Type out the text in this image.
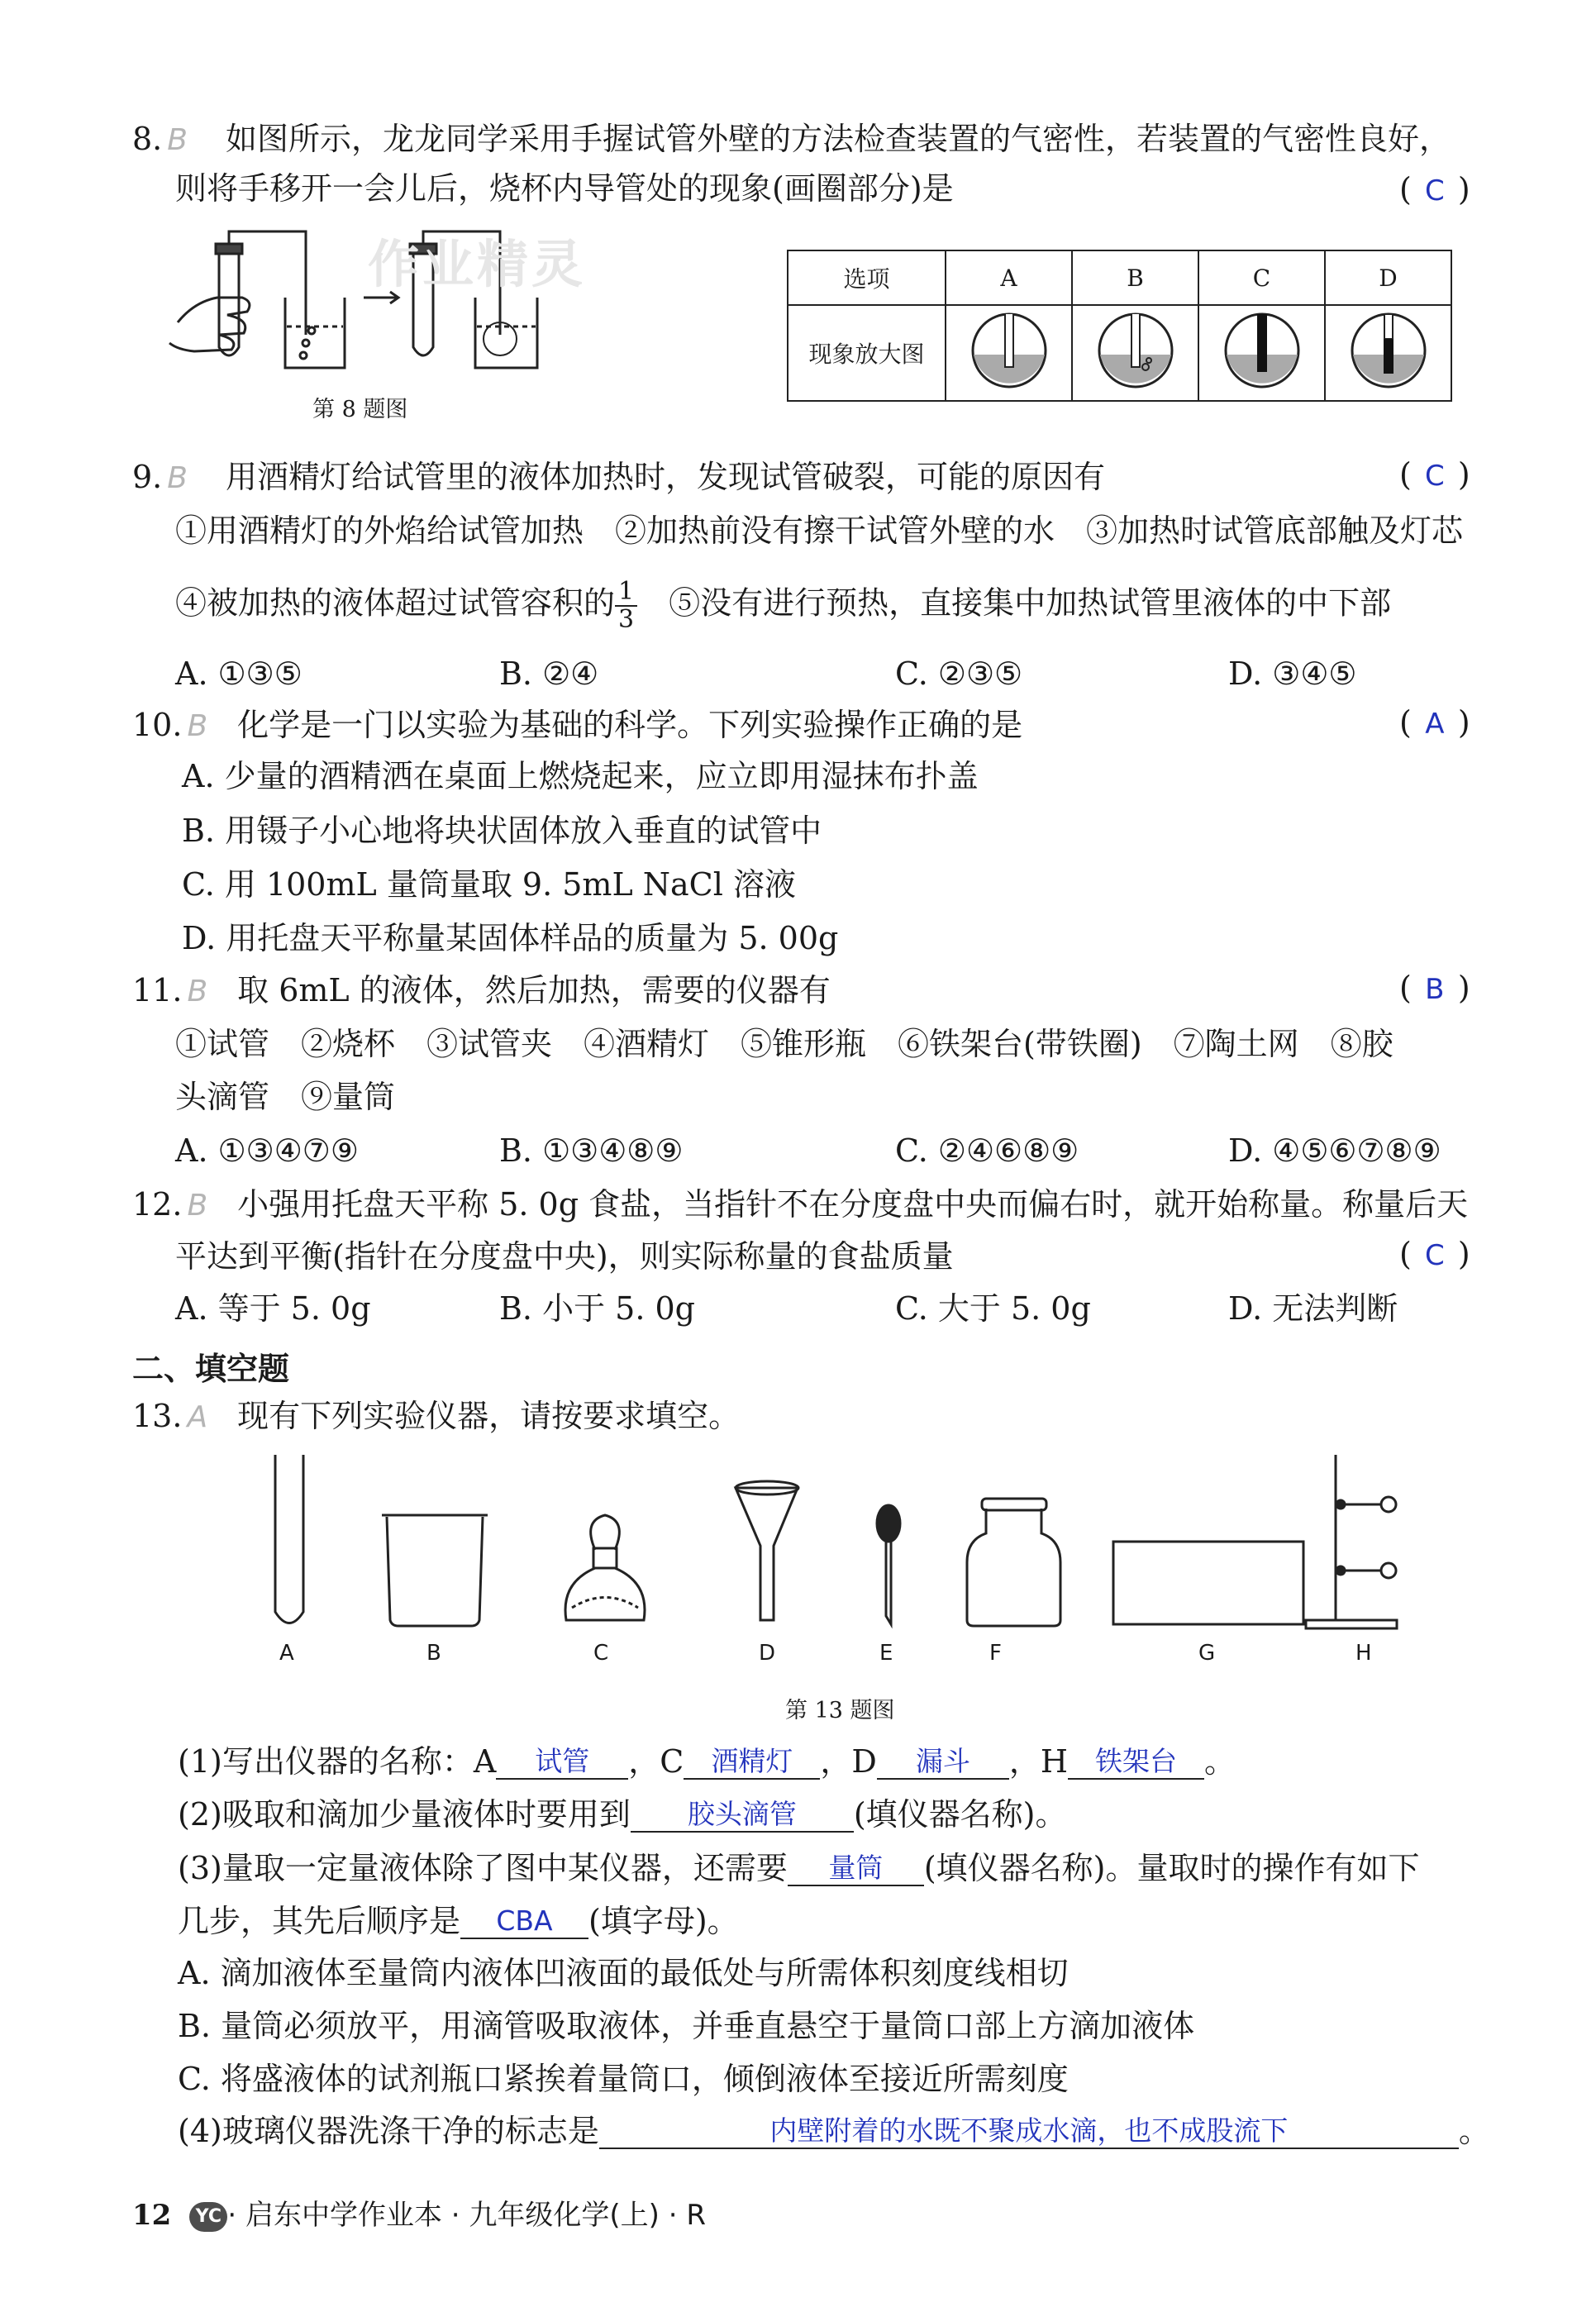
8. B 如图所示，龙龙同学采用手握试管外壁的方法检查装置的气密性，若装置的气密性良好，
则将手移开一会儿后，烧杯内导管处的现象(画圈部分)是	( C )
第 8 题图
作业精灵	选项	A	B	C	D
现象放大图				
9. B 用酒精灯给试管里的液体加热时，发现试管破裂，可能的原因有	( C )
①用酒精灯的外焰给试管加热　②加热前没有擦干试管外壁的水　③加热时试管底部触及灯芯
④被加热的液体超过试管容积的 $\frac{1}{3}$　⑤没有进行预热，直接集中加热试管里液体的中下部
A. ①③⑤	B. ②④	C. ②③⑤	D. ③④⑤
10. B 化学是一门以实验为基础的科学。下列实验操作正确的是	( A )
A. 少量的酒精洒在桌面上燃烧起来，应立即用湿抹布扑盖
B. 用镊子小心地将块状固体放入垂直的试管中
C. 用 100mL 量筒量取 9. 5mL NaCl 溶液
D. 用托盘天平称量某固体样品的质量为 5. 00g
11. B 取 6mL 的液体，然后加热，需要的仪器有	( B )
①试管　②烧杯　③试管夹　④酒精灯　⑤锥形瓶　⑥铁架台(带铁圈)　⑦陶土网　⑧胶
头滴管　⑨量筒
A. ①③④⑦⑨	B. ①③④⑧⑨	C. ②④⑥⑧⑨	D. ④⑤⑥⑦⑧⑨
12. B 小强用托盘天平称 5. 0g 食盐，当指针不在分度盘中央而偏右时，就开始称量。称量后天
平达到平衡(指针在分度盘中央)，则实际称量的食盐质量	( C )
A. 等于 5. 0g	B. 小于 5. 0g	C. 大于 5. 0g	D. 无法判断
二、填空题
13. A 现有下列实验仪器，请按要求填空。
A	B	C	D	E	F	G	H
第 13 题图
(1)写出仪器的名称：A 试管 ，C 酒精灯 ，D 漏斗 ，H 铁架台 。
(2)吸取和滴加少量液体时要用到 胶头滴管 (填仪器名称)。
(3)量取一定量液体除了图中某仪器，还需要 量筒 (填仪器名称)。量取时的操作有如下
几步，其先后顺序是 CBA (填字母)。
A. 滴加液体至量筒内液体凹液面的最低处与所需体积刻度线相切
B. 量筒必须放平，用滴管吸取液体，并垂直悬空于量筒口部上方滴加液体
C. 将盛液体的试剂瓶口紧挨着量筒口，倾倒液体至接近所需刻度
(4)玻璃仪器洗涤干净的标志是	内壁附着的水既不聚成水滴，也不成股流下	。
12 YC · 启东中学作业本 · 九年级化学(上) · R
